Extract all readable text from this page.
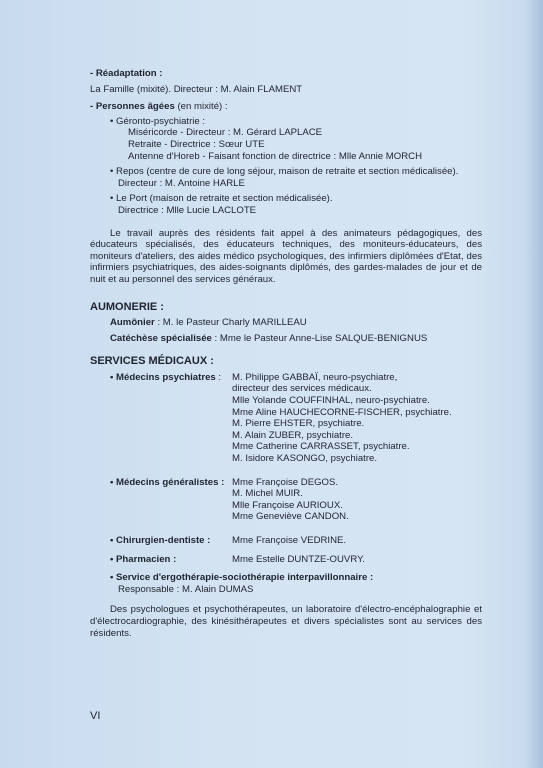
- Réadaptation :

La Famille (mixité). Directeur : M. Alain FLAMENT

- Personnes âgées (en mixité) :

• Géronto-psychiatrie :

Miséricorde - Directeur : M. Gérard LAPLACE

Retraite - Directrice : Sœur UTE

Antenne d'Horeb - Faisant fonction de directrice : Mlle Annie MORCH

• Repos (centre de cure de long séjour, maison de retraite et section médicalisée).

Directeur : M. Antoine HARLE

• Le Port (maison de retraite et section médicalisée).

Directrice : Mlle Lucie LACLOTE

Le travail auprès des résidents fait appel à des animateurs pédagogiques, des éducateurs spécialisés, des éducateurs techniques, des moniteurs-éducateurs, des moniteurs d'ateliers, des aides médico psychologiques, des infirmiers diplômées d'Etat, des infirmiers psychiatriques, des aides-soignants diplômés, des gardes-malades de jour et de nuit et au personnel des services généraux.

AUMONERIE :

Aumônier : M. le Pasteur Charly MARILLEAU

Catéchèse spécialisée : Mme le Pasteur Anne-Lise SALQUE-BENIGNUS

SERVICES MÉDICAUX :

• Médecins psychiatres :	M. Philippe GABBAÏ, neuro-psychiatre,

directeur des services médicaux.

Mlle Yolande COUFFINHAL, neuro-psychiatre.

Mme Aline HAUCHECORNE-FISCHER, psychiatre.

M. Pierre EHSTER, psychiatre.

M. Alain ZUBER, psychiatre.

Mme Catherine CARRASSET, psychiatre.

M. Isidore KASONGO, psychiatre.

• Médecins généralistes : Mme Françoise DEGOS.

M. Michel MUIR.

Mlle Françoise AURIOUX.

Mme Geneviève CANDON.

• Chirurgien-dentiste :	Mme Françoise VEDRINE.
• Pharmacien :	Mme Estelle DUNTZE-OUVRY.

• Service d'ergothérapie-sociothérapie interpavillonnaire :

Responsable : M. Alain DUMAS

Des psychologues et psychothérapeutes, un laboratoire d'électro-encéphalographie et d'électrocardiographie, des kinésithérapeutes et divers spécialistes sont au services des résidents.

VI
